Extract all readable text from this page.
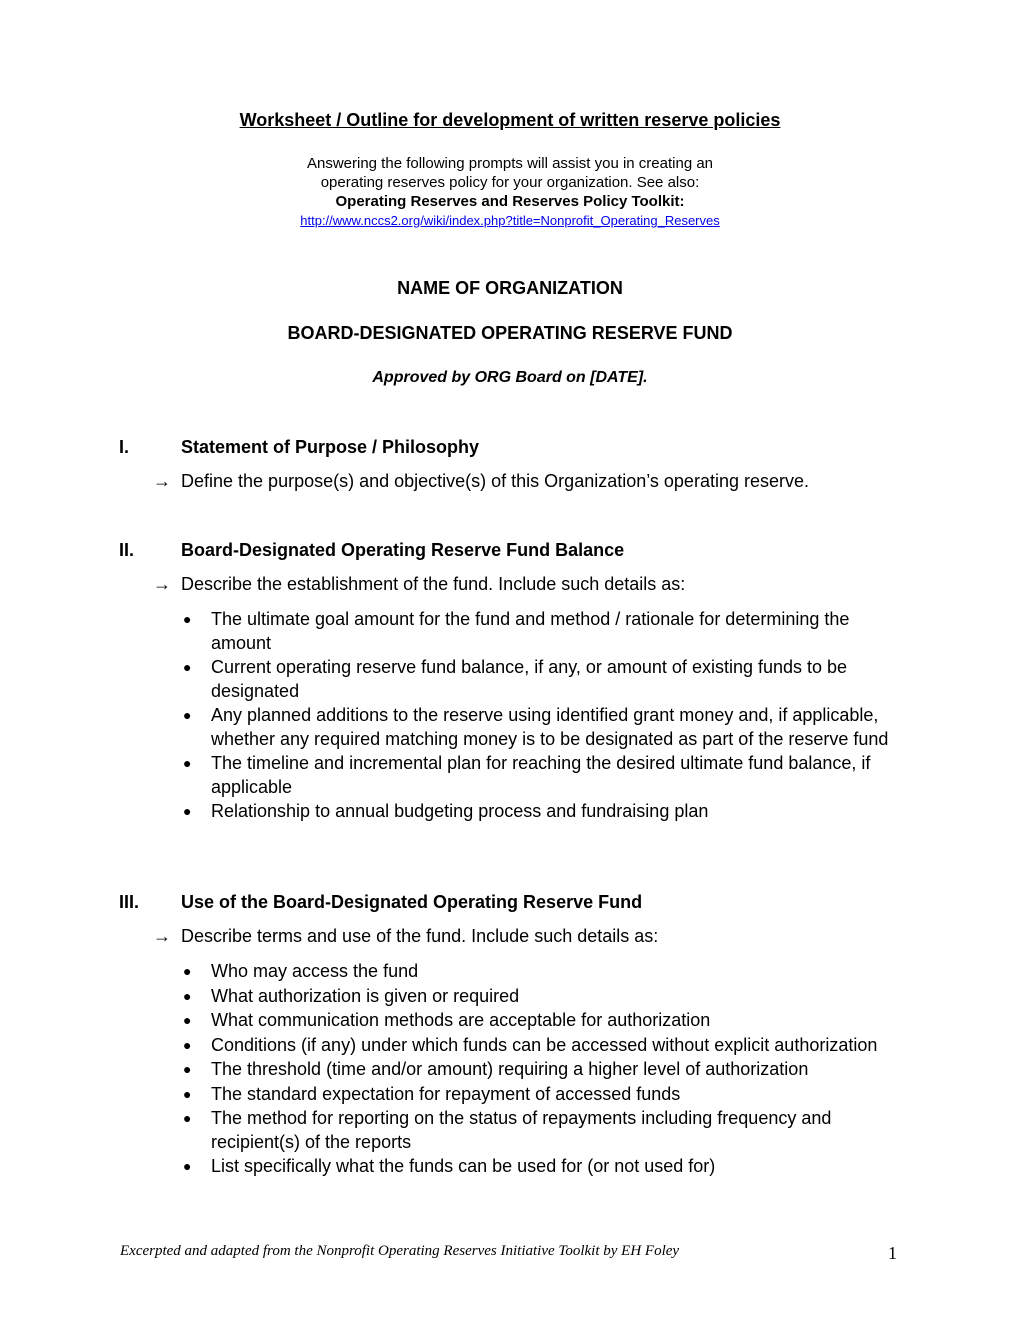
Worksheet / Outline for development of written reserve policies
Answering the following prompts will assist you in creating an
operating reserves policy for your organization. See also:
Operating Reserves and Reserves Policy Toolkit:
http://www.nccs2.org/wiki/index.php?title=Nonprofit_Operating_Reserves
NAME OF ORGANIZATION
BOARD-DESIGNATED OPERATING RESERVE FUND
Approved by ORG Board on [DATE].
I.	Statement of Purpose / Philosophy
→ Define the purpose(s) and objective(s) of this Organization’s operating reserve.
II.	Board-Designated Operating Reserve Fund Balance
→ Describe the establishment of the fund. Include such details as:
● The ultimate goal amount for the fund and method / rationale for determining the amount
● Current operating reserve fund balance, if any, or amount of existing funds to be designated
● Any planned additions to the reserve using identified grant money and, if applicable, whether any required matching money is to be designated as part of the reserve fund
● The timeline and incremental plan for reaching the desired ultimate fund balance, if applicable
● Relationship to annual budgeting process and fundraising plan
III. Use of the Board-Designated Operating Reserve Fund
→ Describe terms and use of the fund. Include such details as:
● Who may access the fund
● What authorization is given or required
● What communication methods are acceptable for authorization
● Conditions (if any) under which funds can be accessed without explicit authorization
● The threshold (time and/or amount) requiring a higher level of authorization
● The standard expectation for repayment of accessed funds
● The method for reporting on the status of repayments including frequency and recipient(s) of the reports
● List specifically what the funds can be used for (or not used for)
Excerpted and adapted from the Nonprofit Operating Reserves Initiative Toolkit by EH Foley	1
